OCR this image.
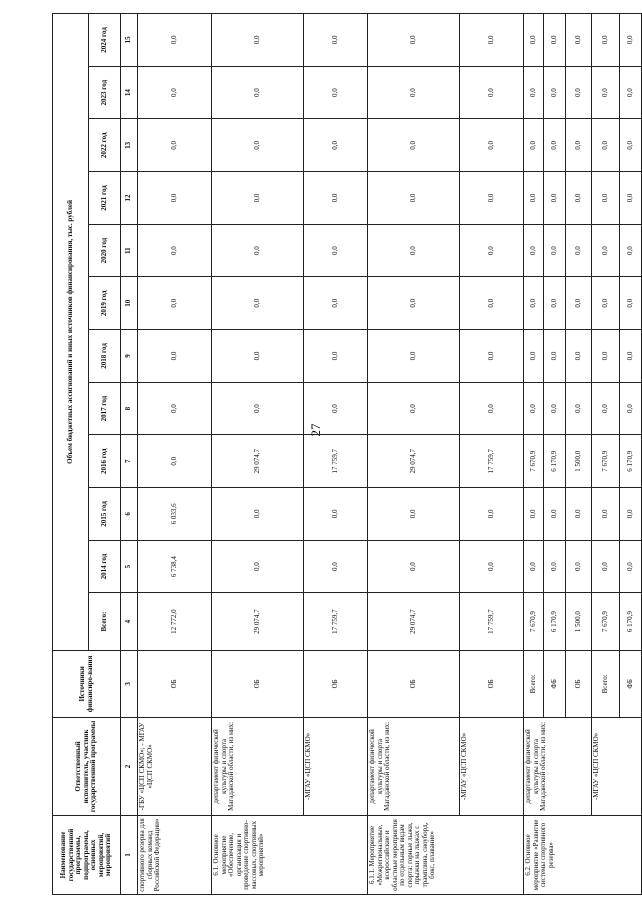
27
Наименование государственной программы, подпрограммы, основных мероприятий, мероприятий	Ответственный исполнитель, участник государственной программы	Источники финансиро-вания	Объем бюджетных ассигнований и иных источников финансирования, тыс. рублей											
			Всего:	2014 год	2015 год	2016 год	2017 год	2018 год	2019 год	2020 год	2021 год	2022 год	2023 год	2024 год
1	2	3	4	5	6	7	8	9	10	11	12	13	14	15
спортивного резерва для сборных команд Российской Федерации»	-ГБУ «ЦСП СКМО»; - МГАУ «ЦСП СКМО»	ОБ	12 772,0	6 738,4	6 033,6	0,0	0,0	0,0	0,0	0,0	0,0	0,0	0,0	0,0
6.1. Основное мероприятие «Обеспечение, организация и проведение спортивно-массовых, спортивных мероприятий»	департамент физической культуры и спорта Магаданской области, из них:	ОБ	29 074,7	0,0	0,0	29 074,7	0,0	0,0	0,0	0,0	0,0	0,0	0,0	0,0
	-МГАУ «ЦСП СКМО»	ОБ	17 759,7	0,0	0,0	17 759,7	0,0	0,0	0,0	0,0	0,0	0,0	0,0	0,0
6.1.1. Мероприятие «Межрегиональные, всероссийские и областные мероприятия по отдельным видам спорта: горные лыжи, прыжки на лыжах с трамплина, сноуборд, бокс, плавание»	департамент физической культуры и спорта Магаданской области, из них:	ОБ	29 074,7	0,0	0,0	29 074,7	0,0	0,0	0,0	0,0	0,0	0,0	0,0	0,0
	-МГАУ «ЦСП СКМО»	ОБ	17 759,7	0,0	0,0	17 759,7	0,0	0,0	0,0	0,0	0,0	0,0	0,0	0,0
6.2. Основное мероприятие «Развитие системы спортивного резерва»	департамент физической культуры и спорта Магаданской области, из них:	Всего:	7 670,9	0,0	0,0	7 670,9	0,0	0,0	0,0	0,0	0,0	0,0	0,0	0,0
		ФБ	6 170,9	0,0	0,0	6 170,9	0,0	0,0	0,0	0,0	0,0	0,0	0,0	0,0
		ОБ	1 500,0	0,0	0,0	1 500,0	0,0	0,0	0,0	0,0	0,0	0,0	0,0	0,0
	-МГАУ «ЦСП СКМО»	Всего:	7 670,9	0,0	0,0	7 670,9	0,0	0,0	0,0	0,0	0,0	0,0	0,0	0,0
		ФБ	6 170,9	0,0	0,0	6 170,9	0,0	0,0	0,0	0,0	0,0	0,0	0,0	0,0
